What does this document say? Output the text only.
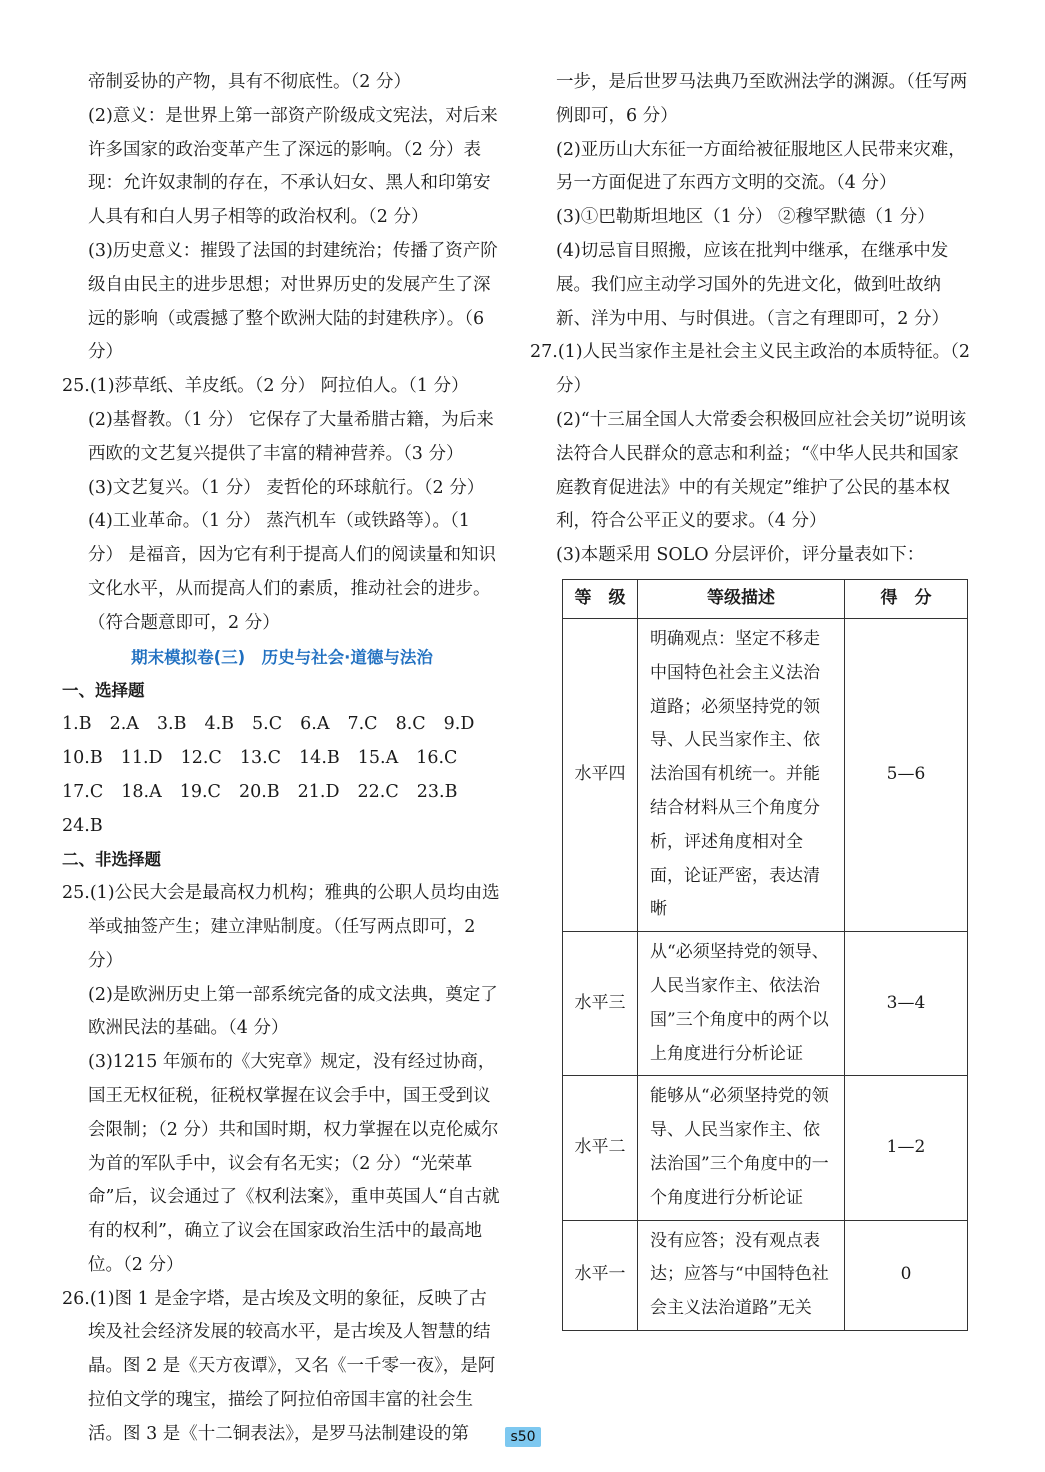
帝制妥协的产物，具有不彻底性。（2 分）

(2)意义：是世界上第一部资产阶级成文宪法，对后来许多国家的政治变革产生了深远的影响。（2 分）表现：允许奴隶制的存在，不承认妇女、黑人和印第安人具有和白人男子相等的政治权利。（2 分）

(3)历史意义：摧毁了法国的封建统治；传播了资产阶级自由民主的进步思想；对世界历史的发展产生了深远的影响（或震撼了整个欧洲大陆的封建秩序）。（6 分）

25.(1)莎草纸、羊皮纸。（2 分） 阿拉伯人。（1 分）

(2)基督教。（1 分） 它保存了大量希腊古籍，为后来西欧的文艺复兴提供了丰富的精神营养。（3 分）

(3)文艺复兴。（1 分） 麦哲伦的环球航行。（2 分）

(4)工业革命。（1 分） 蒸汽机车（或铁路等）。（1 分） 是福音，因为它有利于提高人们的阅读量和知识文化水平，从而提高人们的素质，推动社会的进步。（符合题意即可，2 分）

期末模拟卷(三)　历史与社会·道德与法治

一、选择题

1.B 2.A 3.B 4.B 5.C 6.A 7.C 8.C 9.D

10.B 11.D 12.C 13.C 14.B 15.A 16.C

17.C 18.A 19.C 20.B 21.D 22.C 23.B

24.B

二、非选择题

25.(1)公民大会是最高权力机构；雅典的公职人员均由选举或抽签产生；建立津贴制度。（任写两点即可，2 分）

(2)是欧洲历史上第一部系统完备的成文法典，奠定了欧洲民法的基础。（4 分）

(3)1215 年颁布的《大宪章》规定，没有经过协商，国王无权征税，征税权掌握在议会手中，国王受到议会限制；（2 分）共和国时期，权力掌握在以克伦威尔为首的军队手中，议会有名无实；（2 分）“光荣革命”后，议会通过了《权利法案》，重申英国人“自古就有的权利”，确立了议会在国家政治生活中的最高地位。（2 分）

26.(1)图 1 是金字塔，是古埃及文明的象征，反映了古埃及社会经济发展的较高水平，是古埃及人智慧的结晶。图 2 是《天方夜谭》，又名《一千零一夜》，是阿拉伯文学的瑰宝，描绘了阿拉伯帝国丰富的社会生活。图 3 是《十二铜表法》，是罗马法制建设的第

一步，是后世罗马法典乃至欧洲法学的渊源。（任写两例即可，6 分）

(2)亚历山大东征一方面给被征服地区人民带来灾难，另一方面促进了东西方文明的交流。（4 分）

(3)①巴勒斯坦地区（1 分） ②穆罕默德（1 分）

(4)切忌盲目照搬，应该在批判中继承，在继承中发展。我们应主动学习国外的先进文化，做到吐故纳新、洋为中用、与时俱进。（言之有理即可，2 分）

27.(1)人民当家作主是社会主义民主政治的本质特征。（2 分）

(2)“十三届全国人大常委会积极回应社会关切”说明该法符合人民群众的意志和利益；“《中华人民共和国家庭教育促进法》中的有关规定”维护了公民的基本权利，符合公平正义的要求。（4 分）

(3)本题采用 SOLO 分层评价，评分量表如下：

等　级	等级描述	得　分
水平四	明确观点：坚定不移走中国特色社会主义法治道路；必须坚持党的领导、人民当家作主、依法治国有机统一。并能结合材料从三个角度分析，评述角度相对全面，论证严密，表达清晰	5—6
水平三	从“必须坚持党的领导、人民当家作主、依法治国”三个角度中的两个以上角度进行分析论证	3—4
水平二	能够从“必须坚持党的领导、人民当家作主、依法治国”三个角度中的一个角度进行分析论证	1—2
水平一	没有应答；没有观点表达；应答与“中国特色社会主义法治道路”无关	0
s50
